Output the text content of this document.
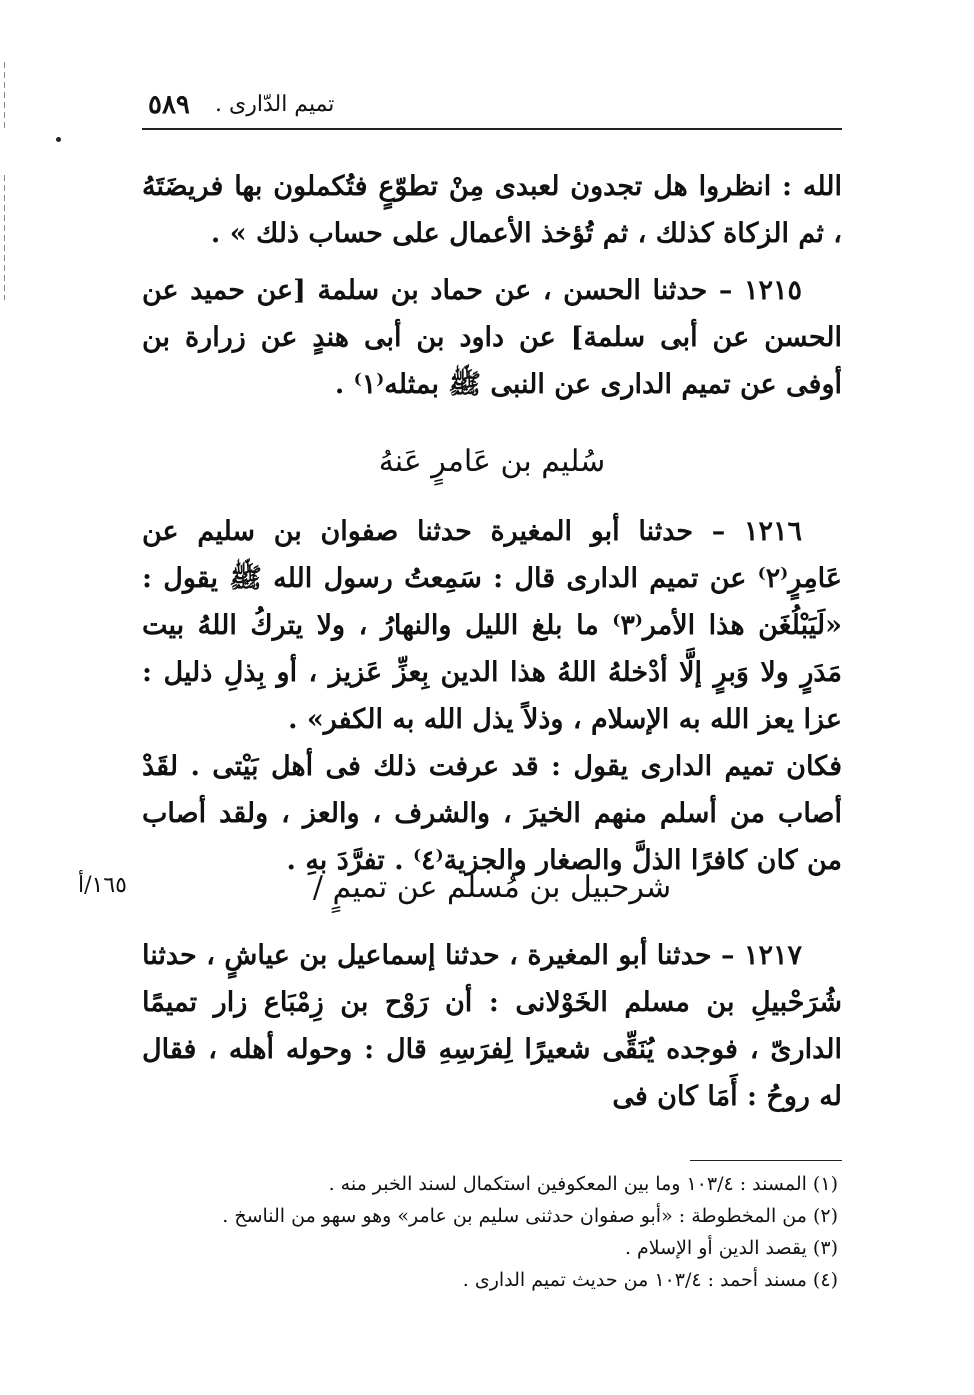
٥٨٩ تميم الدّارى .

الله : انظروا هل تجدون لعبدى مِنْ تطوّعٍ فتُكملون بها فريضَتَهُ ، ثم الزكاة كذلك ، ثم تُؤخذ الأعمال على حساب ذلك » .

١٢١٥ – حدثنا الحسن ، عن حماد بن سلمة [عن حميد عن الحسن عن أبى سلمة] عن داود بن أبى هندٍ عن زرارة بن أوفى عن تميم الدارى عن النبى ﷺ بمثله⁽١⁾ .

سُليم بن عَامرٍ عَنهُ

١٢١٦ – حدثنا أبو المغيرة حدثنا صفوان بن سليم عن عَامِرٍ⁽٢⁾ عن تميم الدارى قال : سَمِعتُ رسول الله ﷺ يقول : «لَيَبْلُغَن هذا الأمر⁽٣⁾ ما بلغ الليل والنهارُ ، ولا يتركُ اللهُ بيت مَدَرٍ ولا وَبرٍ إلَّا أدْخلهُ اللهُ هذا الدين بِعزِّ عَزيز ، أو بِذلِ ذليل : عزا يعز الله به الإسلام ، وذلاً يذل الله به الكفر» .

فكان تميم الدارى يقول : قد عرفت ذلك فى أهل بَيْتى . لقَدْ أصاب من أسلم منهم الخيرَ ، والشرف ، والعز ، ولقد أصاب من كان كافرًا الذلَّ والصغار والجزية⁽٤⁾ . تفرَّدَ بهِ .

شرحبيل بن مُسلم عن تميمٍ /
١٦٥/أ

١٢١٧ – حدثنا أبو المغيرة ، حدثنا إسماعيل بن عياشٍ ، حدثنا شُرَحْبيلِ بن مسلم الخَوْلانى : أن رَوْح بن زِمْبَاع زار تميمًا الدارىّ ، فوجده يُنَقِّى شعيرًا لِفرَسِهِ قال : وحوله أهله ، فقال له روحُ : أَمَا كان فى

(١) المسند : ١٠٣/٤ وما بين المعكوفين استكمال لسند الخبر منه .

(٢) من المخطوطة : «أبو صفوان حدثنى سليم بن عامر» وهو سهو من الناسخ .

(٣) يقصد الدين أو الإسلام .

(٤) مسند أحمد : ١٠٣/٤ من حديث تميم الدارى .
